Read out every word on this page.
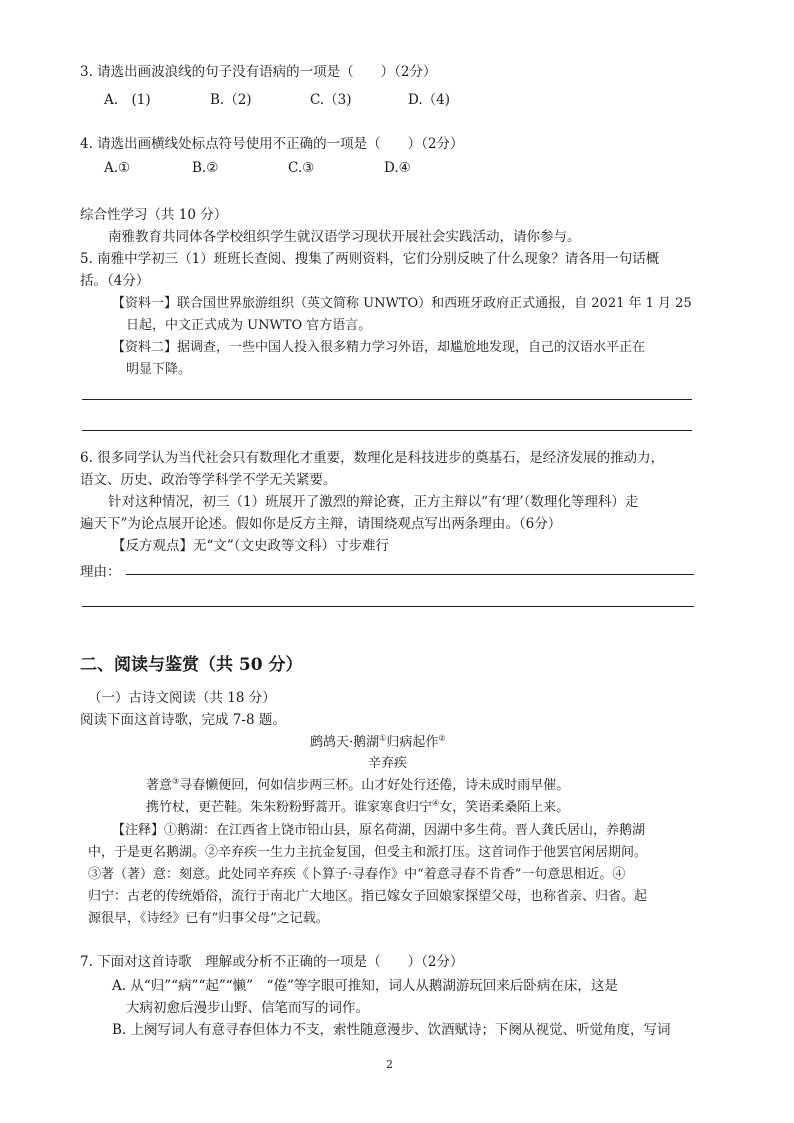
3. 请选出画波浪线的句子没有语病的一项是（　　）（2分）
A.　(1)	B.（2)	C.（3)	D.（4)
4. 请选出画横线处标点符号使用不正确的一项是（　　）（2分）
A.①	B.②	C.③	D.④
综合性学习（共 10 分）
南雅教育共同体各学校组织学生就汉语学习现状开展社会实践活动，请你参与。
5. 南雅中学初三（1）班班长查阅、搜集了两则资料，它们分别反映了什么现象？请各用一句话概
括。（4分）
【资料一】联合国世界旅游组织（英文简称 UNWTO）和西班牙政府正式通报，自 2021 年 1 月 25
日起，中文正式成为 UNWTO 官方语言。
【资料二】据调查，一些中国人投入很多精力学习外语，却尴尬地发现，自己的汉语水平正在
明显下降。
6. 很多同学认为当代社会只有数理化才重要，数理化是科技进步的奠基石，是经济发展的推动力，
语文、历史、政治等学科学不学无关紧要。
针对这种情况，初三（1）班展开了激烈的辩论赛，正方主辩以“有‘理’（数理化等理科）走
遍天下”为论点展开论述。假如你是反方主辩，请围绕观点写出两条理由。（6分）
【反方观点】无“文”（文史政等文科）寸步难行
理由：
二、阅读与鉴赏（共 50 分）
（一）古诗文阅读（共 18 分）
阅读下面这首诗歌，完成 7-8 题。
鹧鸪天·鹅湖①归病起作②
辛弃疾
著意③寻春懒便回，何如信步两三杯。山才好处行还倦，诗未成时雨早催。
携竹杖，更芒鞋。朱朱粉粉野蒿开。谁家寒食归宁④女，笑语柔桑陌上来。
【注释】①鹅湖：在江西省上饶市铅山县，原名荷湖，因湖中多生荷。晋人龚氏居山，养鹅湖
中，于是更名鹅湖。②辛弃疾一生力主抗金复国，但受主和派打压。这首词作于他罢官闲居期间。
③著（著）意：刻意。此处同辛弃疾《卜算子·寻春作》中“着意寻春不肯香”一句意思相近。④
归宁：古老的传统婚俗，流行于南北广大地区。指已嫁女子回娘家探望父母，也称省亲、归省。起
源很早，《诗经》已有“归事父母”之记载。
7. 下面对这首诗歌　理解或分析不正确的一项是（　　）（2分）
A. 从“归”“病”“起”“懒”　“倦”等字眼可推知，词人从鹅湖游玩回来后卧病在床，这是
大病初愈后漫步山野、信笔而写的词作。
B. 上阕写词人有意寻春但体力不支，索性随意漫步、饮酒赋诗；下阕从视觉、听觉角度，写词
2
